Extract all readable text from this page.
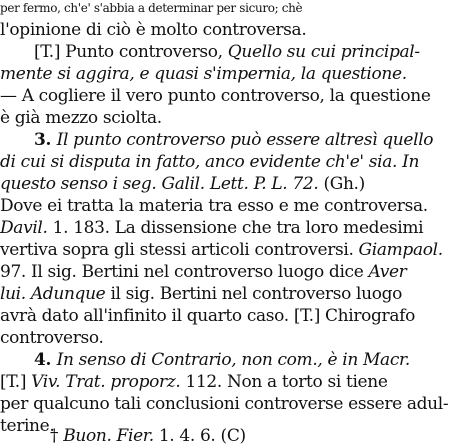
per fermo, ch'e' s'abbia a determinar per sicuro; chè
l'opinione di ciò è molto controversa.
[T.] Punto controverso, Quello su cui principal-
mente si aggira, e quasi s'impernia, la questione.
— A cogliere il vero punto controverso, la questione
è già mezzo sciolta.
3. Il punto controverso può essere altresì quello
di cui si disputa in fatto, anco evidente ch'e' sia. In
questo senso i seg. Galil. Lett. P. L. 72. (Gh.)
Dove ei tratta la materia tra esso e me controversa.
Davil. 1. 183. La dissensione che tra loro medesimi
vertiva sopra gli stessi articoli controversi. Giampaol.
97. Il sig. Bertini nel controverso luogo dice Aver
lui. Adunque il sig. Bertini nel controverso luogo
avrà dato all'infinito il quarto caso. [T.] Chirografo
controverso.
4. In senso di Contrario, non com., è in Macr.
[T.] Viv. Trat. proporz. 112. Non a torto si tiene
per qualcuno tali conclusioni controverse essere adul-
terine.
† Buon. Fier. 1. 4. 6. (C)
